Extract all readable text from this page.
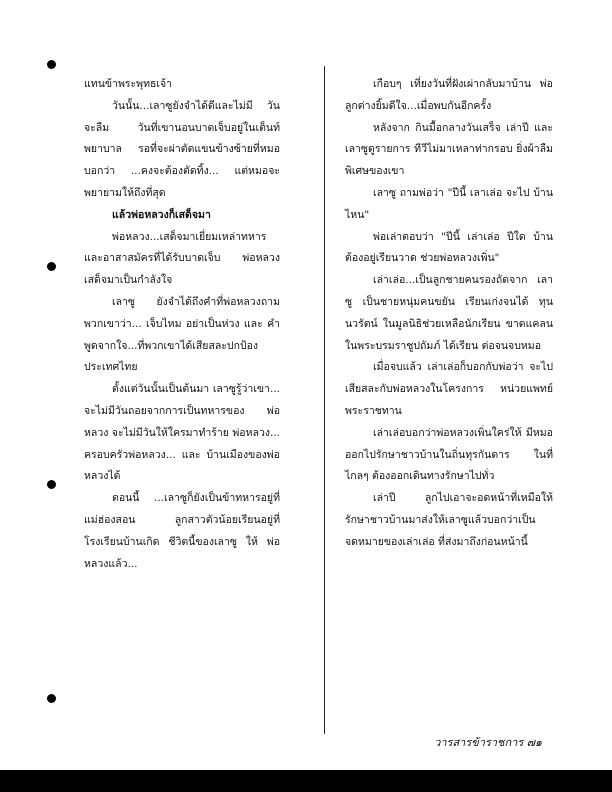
แทนข้าพระพุทธเจ้า

วันนั้น...เลาซูยังจำได้ดีและไม่มี วัน จะลืม วันที่เขานอนบาดเจ็บอยู่ในเต็นท์ พยาบาล รอที่จะผ่าตัดแขนข้างซ้ายที่หมอ บอกว่า ...คงจะต้องตัดทิ้ง... แต่หมอจะ พยายามให้ถึงที่สุด

แล้วพ่อหลวงก็เสด็จมา

พ่อหลวง...เสด็จมาเยี่ยมเหล่าทหาร และอาสาสมัครที่ได้รับบาดเจ็บ พ่อหลวง เสด็จมาเป็นกำลังใจ

เลาซู ยังจำได้ถึงคำที่พ่อหลวงถาม พวกเขาว่า... เจ็บไหม อย่าเป็นห่วง และ คำพูดจากใจ...ที่พวกเขาได้เสียสละปกป้อง ประเทศไทย

ตั้งแต่วันนั้นเป็นต้นมา เลาซูรู้ว่าเขา... จะไม่มีวันถอยจากการเป็นทหารของ พ่อหลวง จะไม่มีวันให้ใครมาทำร้าย พ่อหลวง... ครอบครัวพ่อหลวง... และ บ้านเมืองของพ่อหลวงได้

ตอนนี้ ...เลาซูก็ยังเป็นข้าทหารอยู่ที่ แม่ฮ่องสอน ลูกสาวตัวน้อยเรียนอยู่ที่ โรงเรียนบ้านเกิด ชีวิตนี้ของเลาซู ให้ พ่อหลวงแล้ว...

เกือบๆ เที่ยงวันที่ฝังเผ่ากลับมาบ้าน พ่อลูกต่างยิ้มดีใจ...เมื่อพบกันอีกครั้ง

หลังจาก กินมื้อกลางวันเสร็จ เล่าปี และเลาซูดูรายการ ทีวีไม่มาเหลาท่ากรอบ ยิ่งผ้าลืมพิเศษของเขา

เลาซู ถามพ่อว่า "ปีนี้ เลาเล่อ จะไป บ้านไหน"

พ่อเล่าตอบว่า "ปีนี้ เล่าเล่อ ปีใด บ้าน ต้องอยู่เรียนวาด ช่วยพ่อหลวงเพิ่น"

เล่าเล่อ...เป็นลูกชายคนรองถัดจาก เลาซู เป็นชายหนุ่มคนขยัน เรียนเก่งจนได้ ทุนนวรัตน์ ในมูลนิธิช่วยเหลือนักเรียน ขาดแคลนในพระบรมราชูปถัมภ์ ได้เรียน ต่อจนจบหมอ

เมื่อจบแล้ว เล่าเล่อก็บอกกับพ่อว่า จะไปเสียสละกับพ่อหลวงในโครงการ หน่วยแพทย์พระราชทาน

เล่าเล่อบอกว่าพ่อหลวงเพิ่นใคร่ให้ มีหมอออกไปรักษาชาวบ้านในถิ่นทุรกันดาร ในที่ไกลๆ ต้องออกเดินทางรักษาไปทั่ว

เล่าปี ลูกไปเอาจะอดหน้าที่เหมือให้ รักษาชาวบ้านมาส่งให้เลาซูแล้วบอกว่าเป็น จดหมายของเล่าเล่อ ที่ส่งมาถึงก่อนหน้านี้

วารสารข้าราชการ ๗๑
